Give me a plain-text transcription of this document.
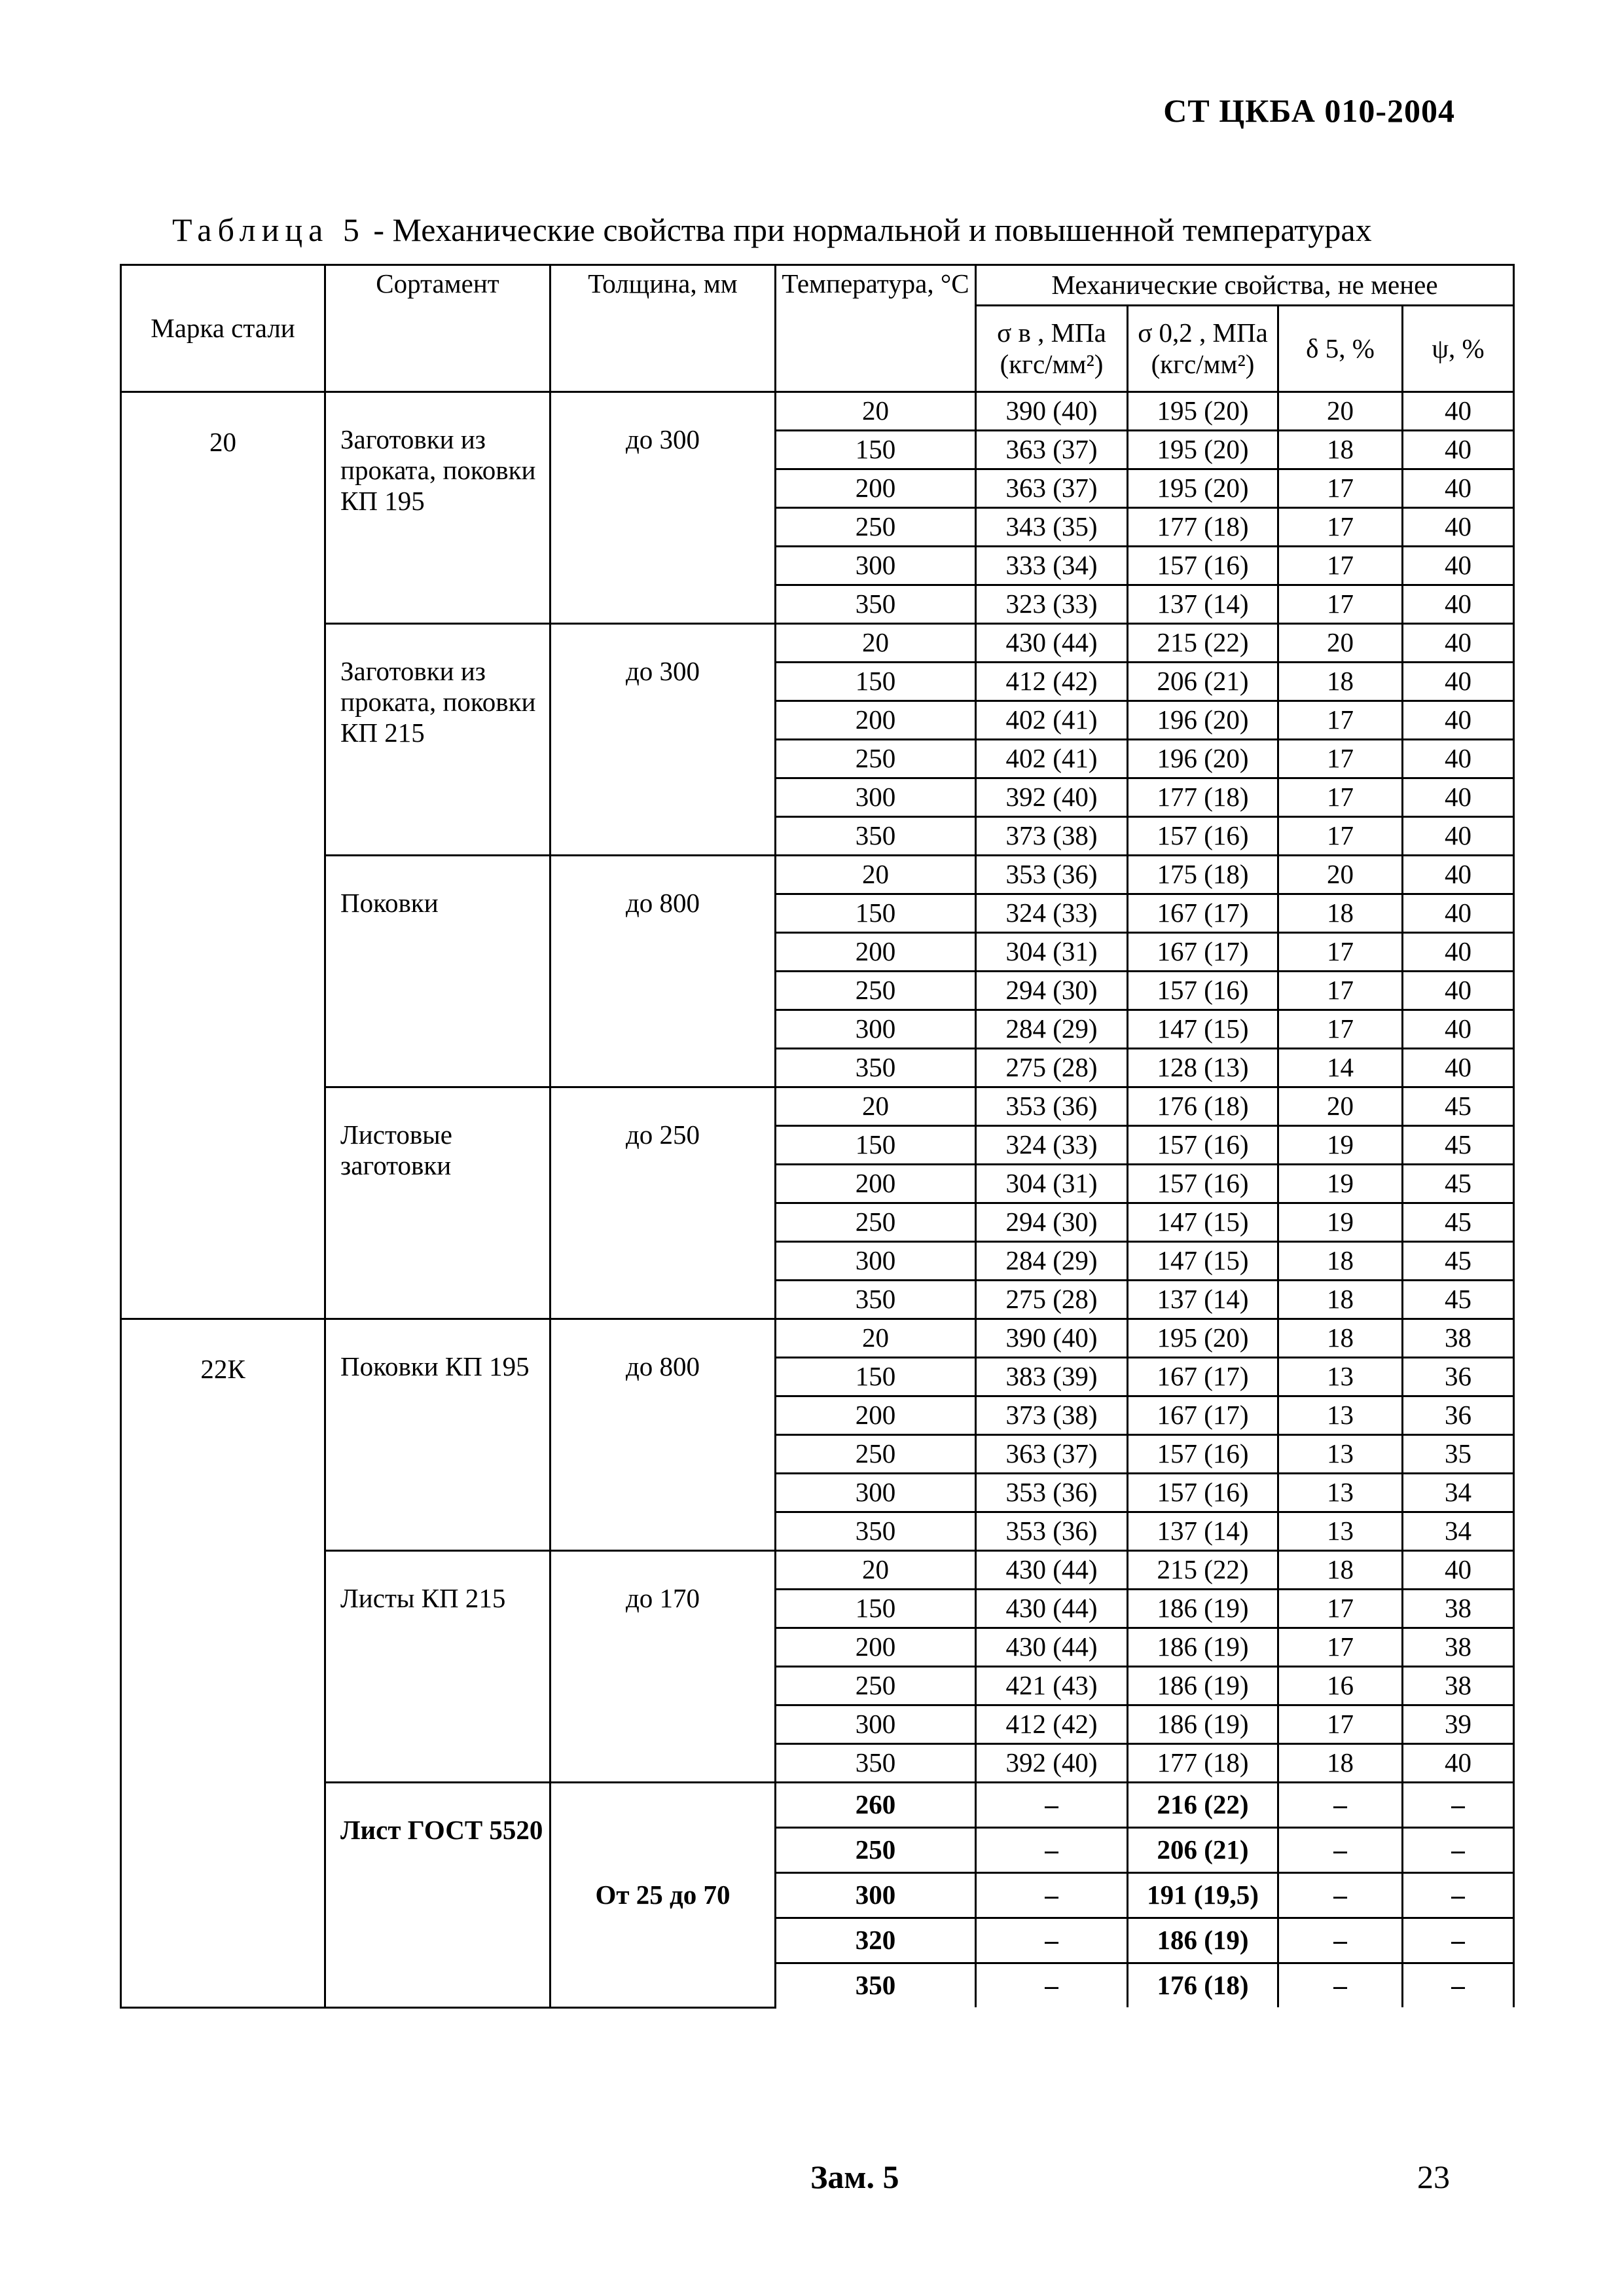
СТ ЦКБА 010-2004
Таблица 5 - Механические свойства при нормальной и повышенной температурах
Марка стали	Сортамент	Толщина, мм	Температура, °С	Механические свойства, не менее			
				σ в , МПа (кгс/мм²)	σ 0,2 , МПа (кгс/мм²)	δ 5, %	ψ, %
20	Заготовки из проката, поковки КП 195	до 300	20	390 (40)	195 (20)	20	40
			150	363 (37)	195 (20)	18	40
			200	363 (37)	195 (20)	17	40
			250	343 (35)	177 (18)	17	40
			300	333 (34)	157 (16)	17	40
			350	323 (33)	137 (14)	17	40
	Заготовки из проката, поковки КП 215	до 300	20	430 (44)	215 (22)	20	40
			150	412 (42)	206 (21)	18	40
			200	402 (41)	196 (20)	17	40
			250	402 (41)	196 (20)	17	40
			300	392 (40)	177 (18)	17	40
			350	373 (38)	157 (16)	17	40
	Поковки	до 800	20	353 (36)	175 (18)	20	40
			150	324 (33)	167 (17)	18	40
			200	304 (31)	167 (17)	17	40
			250	294 (30)	157 (16)	17	40
			300	284 (29)	147 (15)	17	40
			350	275 (28)	128 (13)	14	40
	Листовые заготовки	до 250	20	353 (36)	176 (18)	20	45
			150	324 (33)	157 (16)	19	45
			200	304 (31)	157 (16)	19	45
			250	294 (30)	147 (15)	19	45
			300	284 (29)	147 (15)	18	45
			350	275 (28)	137 (14)	18	45
22К	Поковки КП 195	до 800	20	390 (40)	195 (20)	18	38
			150	383 (39)	167 (17)	13	36
			200	373 (38)	167 (17)	13	36
			250	363 (37)	157 (16)	13	35
			300	353 (36)	157 (16)	13	34
			350	353 (36)	137 (14)	13	34
	Листы КП 215	до 170	20	430 (44)	215 (22)	18	40
			150	430 (44)	186 (19)	17	38
			200	430 (44)	186 (19)	17	38
			250	421 (43)	186 (19)	16	38
			300	412 (42)	186 (19)	17	39
			350	392 (40)	177 (18)	18	40
	Лист ГОСТ 5520	От 25 до 70	260	–	216 (22)	–	–
			250	–	206 (21)	–	–
			300	–	191 (19,5)	–	–
			320	–	186 (19)	–	–
			350	–	176 (18)	–	–
Зам. 5	23
